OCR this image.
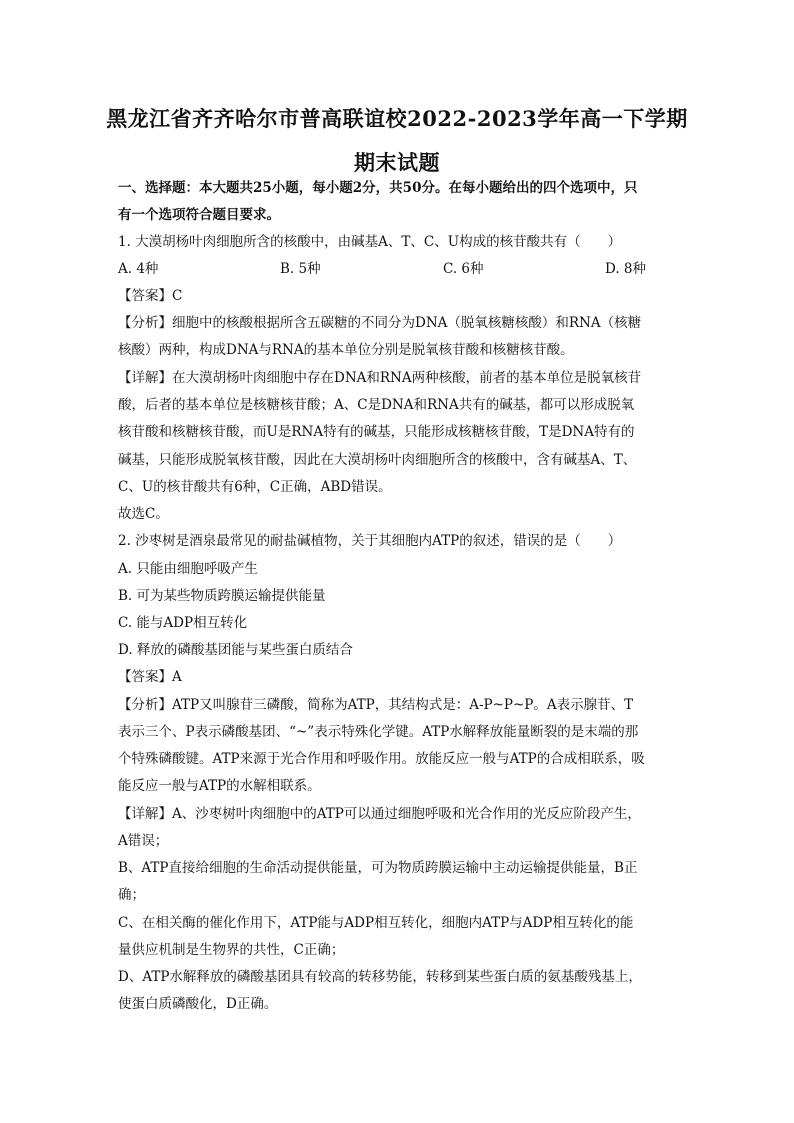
黑龙江省齐齐哈尔市普高联谊校2022-2023学年高一下学期
期末试题
一、选择题：本大题共25小题，每小题2分，共50分。在每小题给出的四个选项中，只
有一个选项符合题目要求。
1. 大漠胡杨叶肉细胞所含的核酸中，由碱基A、T、C、U构成的核苷酸共有（　　）
A. 4种	B. 5种	C. 6种	D. 8种
【答案】C
【分析】细胞中的核酸根据所含五碳糖的不同分为DNA（脱氧核糖核酸）和RNA（核糖
核酸）两种，构成DNA与RNA的基本单位分别是脱氧核苷酸和核糖核苷酸。
【详解】在大漠胡杨叶肉细胞中存在DNA和RNA两种核酸，前者的基本单位是脱氧核苷
酸，后者的基本单位是核糖核苷酸；A、C是DNA和RNA共有的碱基，都可以形成脱氧
核苷酸和核糖核苷酸，而U是RNA特有的碱基，只能形成核糖核苷酸，T是DNA特有的
碱基，只能形成脱氧核苷酸，因此在大漠胡杨叶肉细胞所含的核酸中，含有碱基A、T、
C、U的核苷酸共有6种，C正确，ABD错误。
故选C。
2. 沙枣树是酒泉最常见的耐盐碱植物，关于其细胞内ATP的叙述，错误的是（　　）
A. 只能由细胞呼吸产生
B. 可为某些物质跨膜运输提供能量
C. 能与ADP相互转化
D. 释放的磷酸基团能与某些蛋白质结合
【答案】A
【分析】ATP又叫腺苷三磷酸，简称为ATP，其结构式是：A-P~P~P。A表示腺苷、T
表示三个、P表示磷酸基团、“~”表示特殊化学键。ATP水解释放能量断裂的是末端的那
个特殊磷酸键。ATP来源于光合作用和呼吸作用。放能反应一般与ATP的合成相联系，吸
能反应一般与ATP的水解相联系。
【详解】A、沙枣树叶肉细胞中的ATP可以通过细胞呼吸和光合作用的光反应阶段产生，
A错误；
B、ATP直接给细胞的生命活动提供能量，可为物质跨膜运输中主动运输提供能量，B正
确；
C、在相关酶的催化作用下，ATP能与ADP相互转化，细胞内ATP与ADP相互转化的能
量供应机制是生物界的共性，C正确；
D、ATP水解释放的磷酸基团具有较高的转移势能，转移到某些蛋白质的氨基酸残基上，
使蛋白质磷酸化，D正确。
